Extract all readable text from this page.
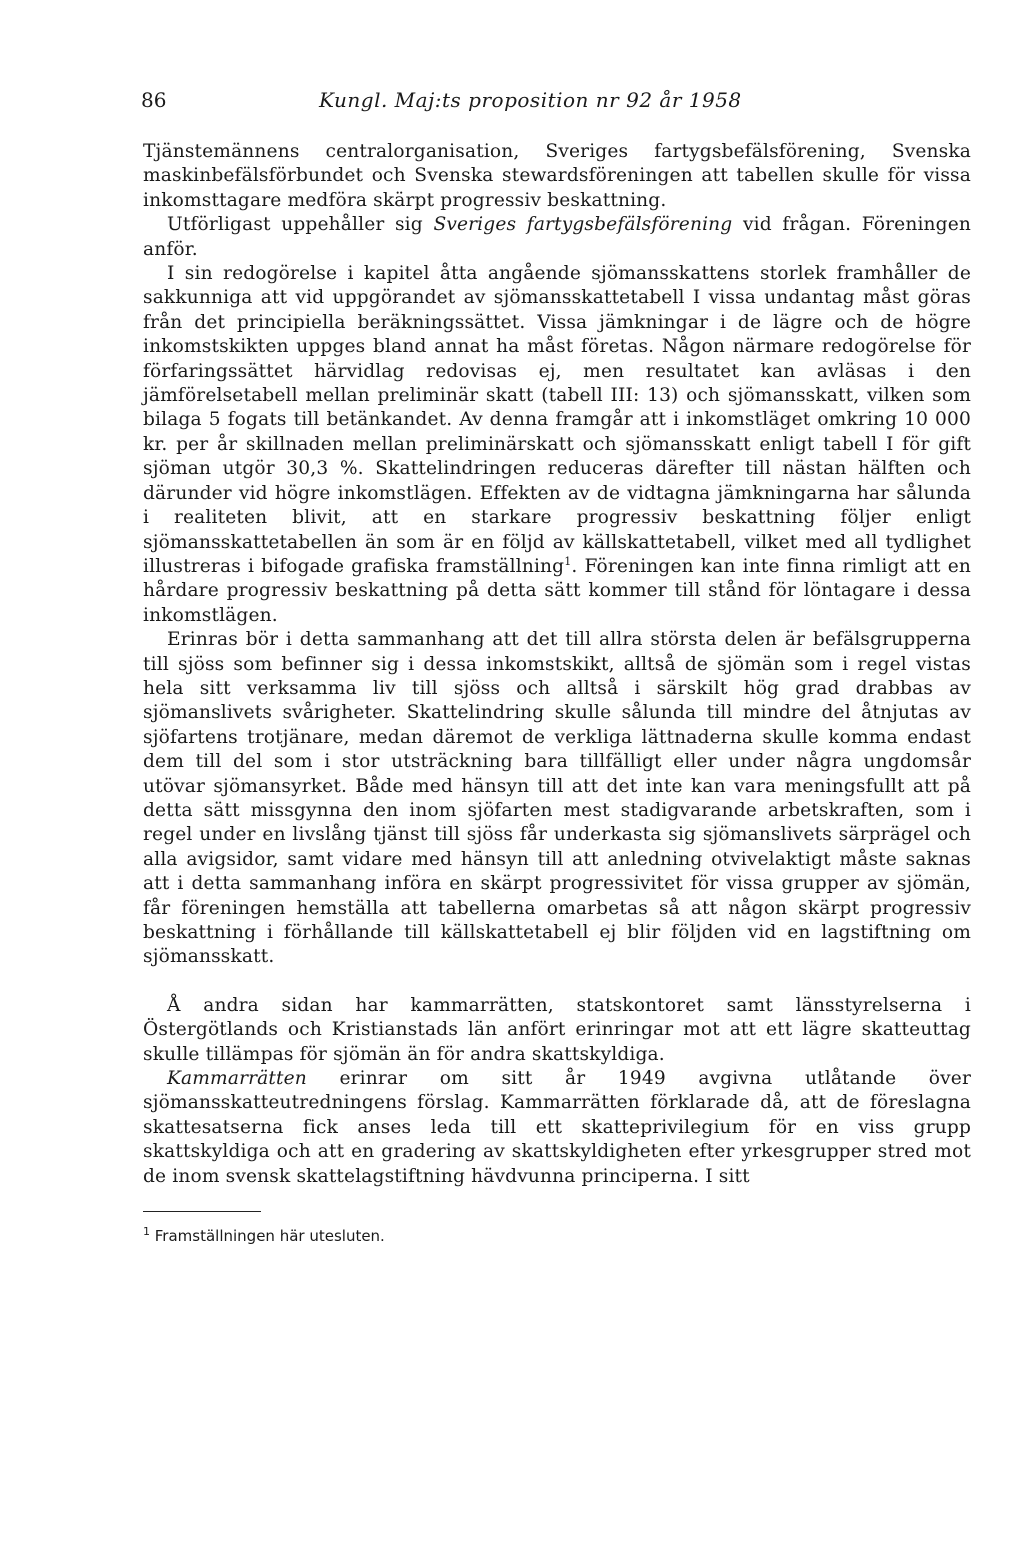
86	Kungl. Maj:ts proposition nr 92 år 1958

Tjänstemännens centralorganisation, Sveriges fartygsbefälsförening, Svenska maskinbefälsförbundet och Svenska stewardsföreningen att tabellen skulle för vissa inkomsttagare medföra skärpt progressiv beskattning.

Utförligast uppehåller sig Sveriges fartygsbefälsförening vid frågan. Föreningen anför.

I sin redogörelse i kapitel åtta angående sjömansskattens storlek framhåller de sakkunniga att vid uppgörandet av sjömansskattetabell I vissa undantag måst göras från det principiella beräkningssättet. Vissa jämkningar i de lägre och de högre inkomstskikten uppges bland annat ha måst företas. Någon närmare redogörelse för förfaringssättet härvidlag redovisas ej, men resultatet kan avläsas i den jämförelsetabell mellan preliminär skatt (tabell III: 13) och sjömansskatt, vilken som bilaga 5 fogats till betänkandet. Av denna framgår att i inkomstläget omkring 10 000 kr. per år skillnaden mellan preliminärskatt och sjömansskatt enligt tabell I för gift sjöman utgör 30,3 %. Skattelindringen reduceras därefter till nästan hälften och därunder vid högre inkomstlägen. Effekten av de vidtagna jämkningarna har sålunda i realiteten blivit, att en starkare progressiv beskattning följer enligt sjömansskattetabellen än som är en följd av källskattetabell, vilket med all tydlighet illustreras i bifogade grafiska framställning$^1$. Föreningen kan inte finna rimligt att en hårdare progressiv beskattning på detta sätt kommer till stånd för löntagare i dessa inkomstlägen.

Erinras bör i detta sammanhang att det till allra största delen är befälsgrupperna till sjöss som befinner sig i dessa inkomstskikt, alltså de sjömän som i regel vistas hela sitt verksamma liv till sjöss och alltså i särskilt hög grad drabbas av sjömanslivets svårigheter. Skattelindring skulle sålunda till mindre del åtnjutas av sjöfartens trotjänare, medan däremot de verkliga lättnaderna skulle komma endast dem till del som i stor utsträckning bara tillfälligt eller under några ungdomsår utövar sjömansyrket. Både med hänsyn till att det inte kan vara meningsfullt att på detta sätt missgynna den inom sjöfarten mest stadigvarande arbetskraften, som i regel under en livslång tjänst till sjöss får underkasta sig sjömanslivets särprägel och alla avigsidor, samt vidare med hänsyn till att anledning otvivelaktigt måste saknas att i detta sammanhang införa en skärpt progressivitet för vissa grupper av sjömän, får föreningen hemställa att tabellerna omarbetas så att någon skärpt progressiv beskattning i förhållande till källskattetabell ej blir följden vid en lagstiftning om sjömansskatt.

Å andra sidan har kammarrätten, statskontoret samt länsstyrelserna i Östergötlands och Kristianstads län anfört erinringar mot att ett lägre skatteuttag skulle tillämpas för sjömän än för andra skattskyldiga.

Kammarrätten erinrar om sitt år 1949 avgivna utlåtande över sjömansskatteutredningens förslag. Kammarrätten förklarade då, att de föreslagna skattesatserna fick anses leda till ett skatteprivilegium för en viss grupp skattskyldiga och att en gradering av skattskyldigheten efter yrkesgrupper stred mot de inom svensk skattelagstiftning hävdvunna principerna. I sitt

$^1$ Framställningen här utesluten.
